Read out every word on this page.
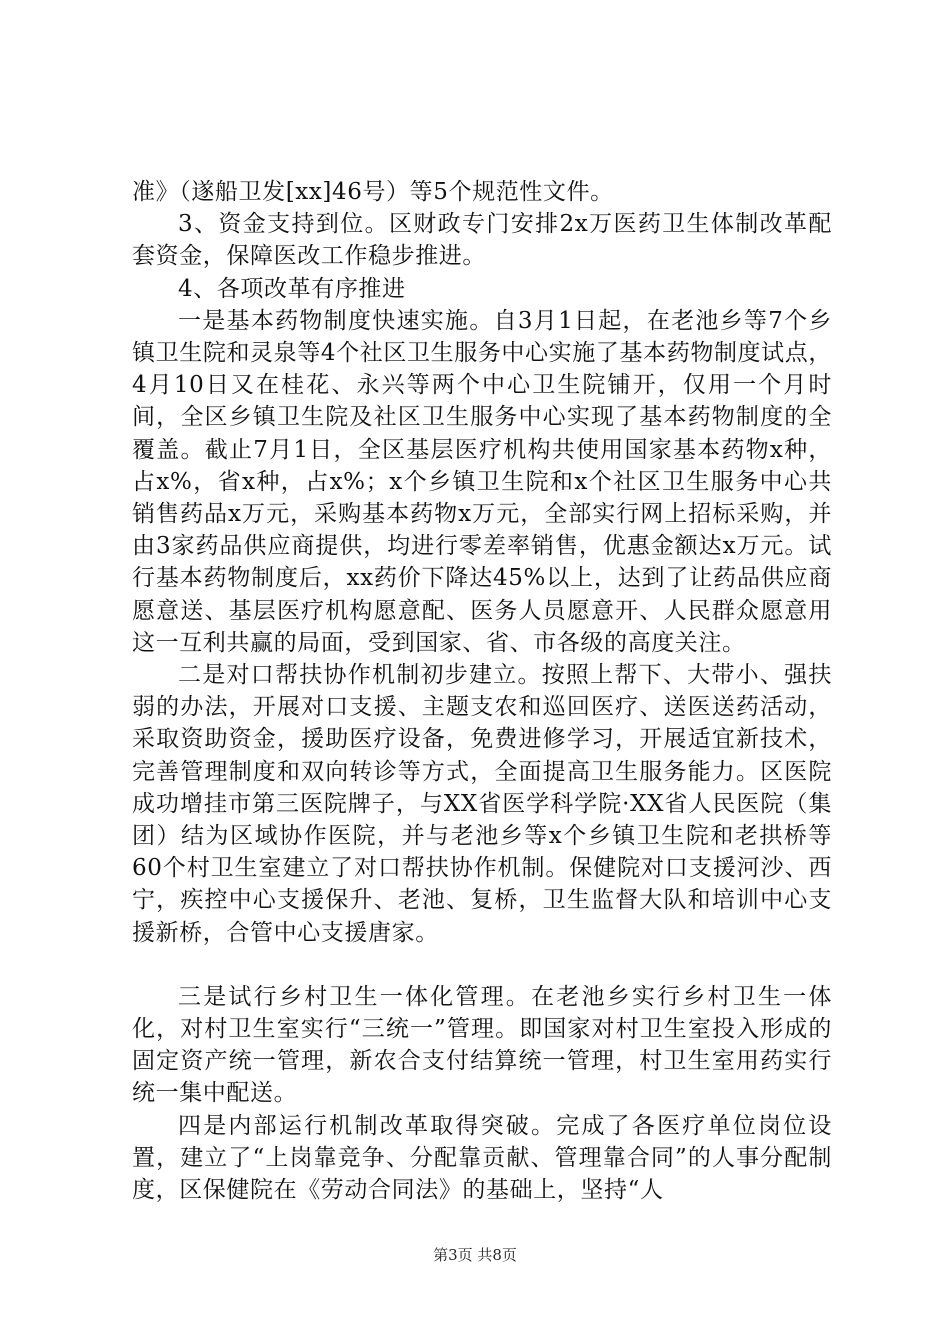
准》（遂船卫发[xx]46号）等5个规范性文件。

3、资金支持到位。区财政专门安排2x万医药卫生体制改革配套资金，保障医改工作稳步推进。

4、各项改革有序推进

一是基本药物制度快速实施。自3月1日起，在老池乡等7个乡镇卫生院和灵泉等4个社区卫生服务中心实施了基本药物制度试点，4月10日又在桂花、永兴等两个中心卫生院铺开，仅用一个月时间，全区乡镇卫生院及社区卫生服务中心实现了基本药物制度的全覆盖。截止7月1日，全区基层医疗机构共使用国家基本药物x种，占x%，省x种，占x%；x个乡镇卫生院和x个社区卫生服务中心共销售药品x万元，采购基本药物x万元，全部实行网上招标采购，并由3家药品供应商提供，均进行零差率销售，优惠金额达x万元。试行基本药物制度后，xx药价下降达45%以上，达到了让药品供应商愿意送、基层医疗机构愿意配、医务人员愿意开、人民群众愿意用这一互利共赢的局面，受到国家、省、市各级的高度关注。

二是对口帮扶协作机制初步建立。按照上帮下、大带小、强扶弱的办法，开展对口支援、主题支农和巡回医疗、送医送药活动，采取资助资金，援助医疗设备，免费进修学习，开展适宜新技术，完善管理制度和双向转诊等方式，全面提高卫生服务能力。区医院成功增挂市第三医院牌子，与XX省医学科学院·XX省人民医院（集团）结为区域协作医院，并与老池乡等x个乡镇卫生院和老拱桥等60个村卫生室建立了对口帮扶协作机制。保健院对口支援河沙、西宁，疾控中心支援保升、老池、复桥，卫生监督大队和培训中心支援新桥，合管中心支援唐家。

三是试行乡村卫生一体化管理。在老池乡实行乡村卫生一体化，对村卫生室实行“三统一”管理。即国家对村卫生室投入形成的固定资产统一管理，新农合支付结算统一管理，村卫生室用药实行统一集中配送。

四是内部运行机制改革取得突破。完成了各医疗单位岗位设置，建立了“上岗靠竞争、分配靠贡献、管理靠合同”的人事分配制度，区保健院在《劳动合同法》的基础上，坚持“人

第3页 共8页
